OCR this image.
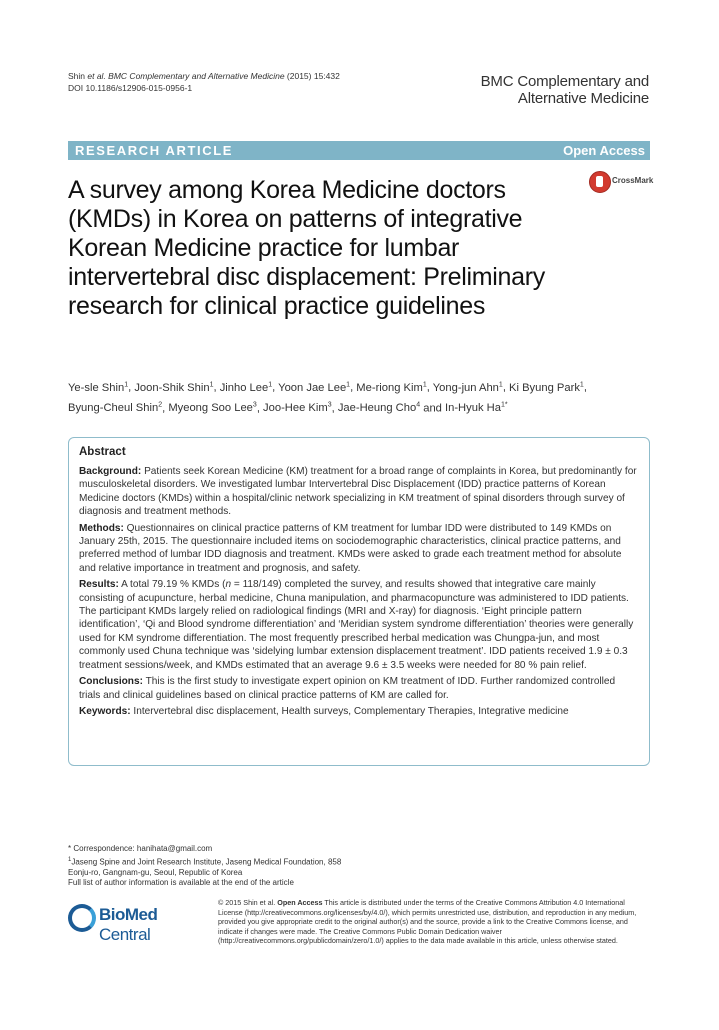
Shin et al. BMC Complementary and Alternative Medicine (2015) 15:432
DOI 10.1186/s12906-015-0956-1	BMC Complementary and
Alternative Medicine
RESEARCH ARTICLE	Open Access
CrossMark
A survey among Korea Medicine doctors (KMDs) in Korea on patterns of integrative Korean Medicine practice for lumbar intervertebral disc displacement: Preliminary research for clinical practice guidelines
Ye-sle Shin$^1$, Joon-Shik Shin$^1$, Jinho Lee$^1$, Yoon Jae Lee$^1$, Me-riong Kim$^1$, Yong-jun Ahn$^1$, Ki Byung Park$^1$,
Byung-Cheul Shin$^2$, Myeong Soo Lee$^3$, Joo-Hee Kim$^3$, Jae-Heung Cho$^4$ and In-Hyuk $Ha^{1*}$
Abstract

Background: Patients seek Korean Medicine (KM) treatment for a broad range of complaints in Korea, but predominantly for musculoskeletal disorders. We investigated lumbar Intervertebral Disc Displacement (IDD) practice patterns of Korean Medicine doctors (KMDs) within a hospital/clinic network specializing in KM treatment of spinal disorders through survey of diagnosis and treatment methods.

Methods: Questionnaires on clinical practice patterns of KM treatment for lumbar IDD were distributed to 149 KMDs on January 25th, 2015. The questionnaire included items on sociodemographic characteristics, clinical practice patterns, and preferred method of lumbar IDD diagnosis and treatment. KMDs were asked to grade each treatment method for absolute and relative importance in treatment and prognosis, and safety.

Results: A total 79.19 % KMDs (n = 118/149) completed the survey, and results showed that integrative care mainly consisting of acupuncture, herbal medicine, Chuna manipulation, and pharmacopuncture was administered to IDD patients. The participant KMDs largely relied on radiological findings (MRI and X-ray) for diagnosis. ‘Eight principle pattern identification’, ‘Qi and Blood syndrome differentiation’ and ‘Meridian system syndrome differentiation’ theories were generally used for KM syndrome differentiation. The most frequently prescribed herbal medication was Chungpa-jun, and most commonly used Chuna technique was ‘sidelying lumbar extension displacement treatment’. IDD patients received 1.9 ± 0.3 treatment sessions/week, and KMDs estimated that an average 9.6 ± 3.5 weeks were needed for 80 % pain relief.

Conclusions: This is the first study to investigate expert opinion on KM treatment of IDD. Further randomized controlled trials and clinical guidelines based on clinical practice patterns of KM are called for.

Keywords: Intervertebral disc displacement, Health surveys, Complementary Therapies, Integrative medicine

* Correspondence: hanihata@gmail.com
$^1$Jaseng Spine and Joint Research Institute, Jaseng Medical Foundation, 858
Eonju-ro, Gangnam-gu, Seoul, Republic of Korea
Full list of author information is available at the end of the article
BioMed Central
© 2015 Shin et al. Open Access This article is distributed under the terms of the Creative Commons Attribution 4.0 International License (http://creativecommons.org/licenses/by/4.0/), which permits unrestricted use, distribution, and reproduction in any medium, provided you give appropriate credit to the original author(s) and the source, provide a link to the Creative Commons license, and indicate if changes were made. The Creative Commons Public Domain Dedication waiver (http://creativecommons.org/publicdomain/zero/1.0/) applies to the data made available in this article, unless otherwise stated.
